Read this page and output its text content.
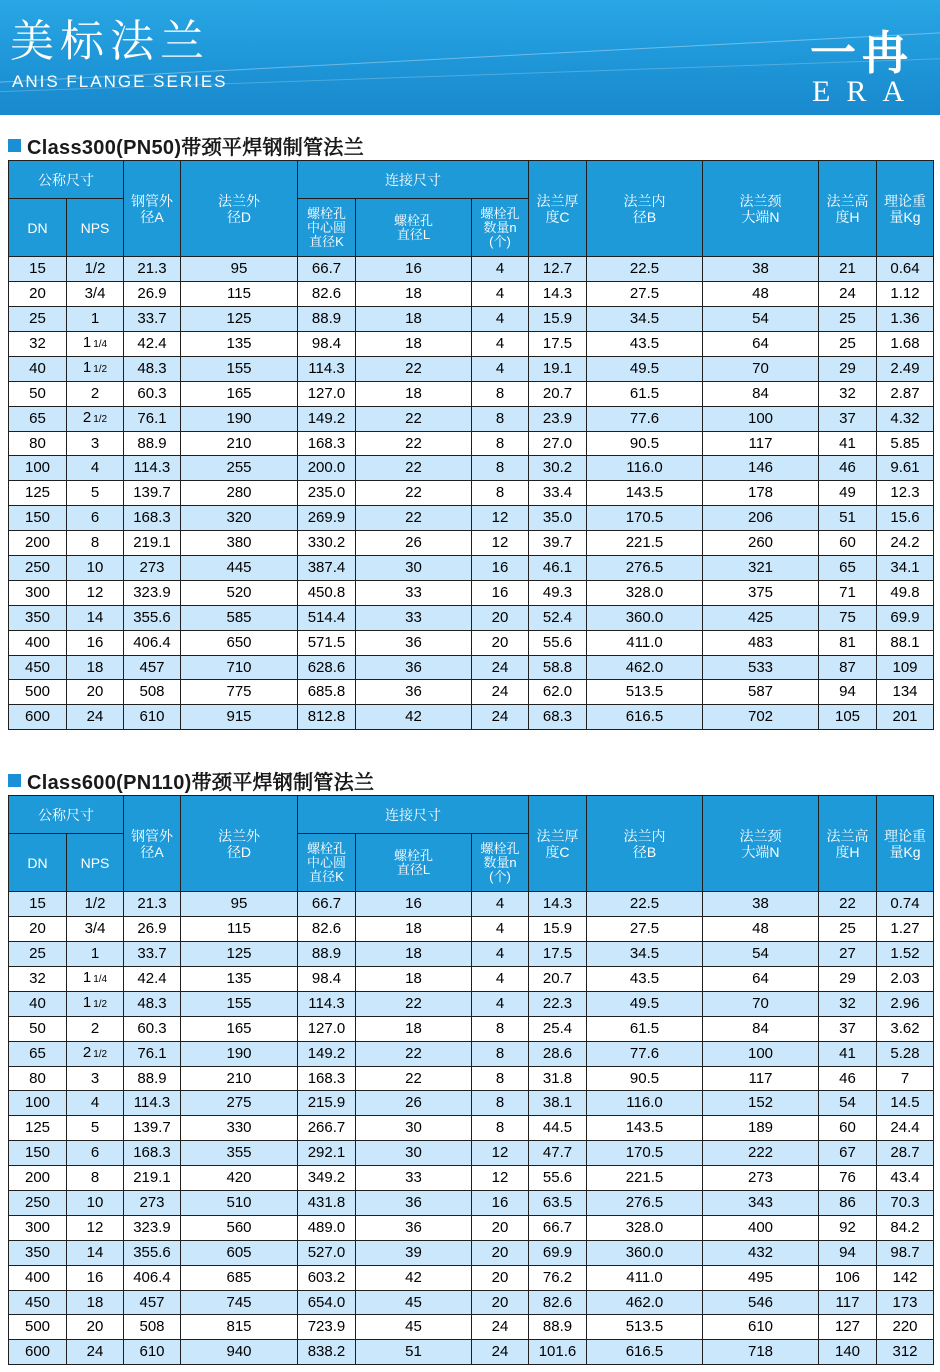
美标法兰
ANIS FLANGE SERIES
一冉
ERA
Class300(PN50)带颈平焊钢制管法兰
公称尺寸		钢管外径A	法兰外径D	连接尺寸			法兰厚度C	法兰内径B	法兰颈大端N	法兰高度H	理论重量Kg
DN	NPS			螺栓孔中心圆直径K	螺栓孔直径L	螺栓孔数量n(个)					
15	1/2	21.3	95	66.7	16	4	12.7	22.5	38	21	0.64
20	3/4	26.9	115	82.6	18	4	14.3	27.5	48	24	1.12
25	1	33.7	125	88.9	18	4	15.9	34.5	54	25	1.36
32	1 1/4	42.4	135	98.4	18	4	17.5	43.5	64	25	1.68
40	1 1/2	48.3	155	114.3	22	4	19.1	49.5	70	29	2.49
50	2	60.3	165	127.0	18	8	20.7	61.5	84	32	2.87
65	2 1/2	76.1	190	149.2	22	8	23.9	77.6	100	37	4.32
80	3	88.9	210	168.3	22	8	27.0	90.5	117	41	5.85
100	4	114.3	255	200.0	22	8	30.2	116.0	146	46	9.61
125	5	139.7	280	235.0	22	8	33.4	143.5	178	49	12.3
150	6	168.3	320	269.9	22	12	35.0	170.5	206	51	15.6
200	8	219.1	380	330.2	26	12	39.7	221.5	260	60	24.2
250	10	273	445	387.4	30	16	46.1	276.5	321	65	34.1
300	12	323.9	520	450.8	33	16	49.3	328.0	375	71	49.8
350	14	355.6	585	514.4	33	20	52.4	360.0	425	75	69.9
400	16	406.4	650	571.5	36	20	55.6	411.0	483	81	88.1
450	18	457	710	628.6	36	24	58.8	462.0	533	87	109
500	20	508	775	685.8	36	24	62.0	513.5	587	94	134
600	24	610	915	812.8	42	24	68.3	616.5	702	105	201
Class600(PN110)带颈平焊钢制管法兰
公称尺寸		钢管外径A	法兰外径D	连接尺寸			法兰厚度C	法兰内径B	法兰颈大端N	法兰高度H	理论重量Kg
DN	NPS			螺栓孔中心圆直径K	螺栓孔直径L	螺栓孔数量n(个)					
15	1/2	21.3	95	66.7	16	4	14.3	22.5	38	22	0.74
20	3/4	26.9	115	82.6	18	4	15.9	27.5	48	25	1.27
25	1	33.7	125	88.9	18	4	17.5	34.5	54	27	1.52
32	1 1/4	42.4	135	98.4	18	4	20.7	43.5	64	29	2.03
40	1 1/2	48.3	155	114.3	22	4	22.3	49.5	70	32	2.96
50	2	60.3	165	127.0	18	8	25.4	61.5	84	37	3.62
65	2 1/2	76.1	190	149.2	22	8	28.6	77.6	100	41	5.28
80	3	88.9	210	168.3	22	8	31.8	90.5	117	46	7
100	4	114.3	275	215.9	26	8	38.1	116.0	152	54	14.5
125	5	139.7	330	266.7	30	8	44.5	143.5	189	60	24.4
150	6	168.3	355	292.1	30	12	47.7	170.5	222	67	28.7
200	8	219.1	420	349.2	33	12	55.6	221.5	273	76	43.4
250	10	273	510	431.8	36	16	63.5	276.5	343	86	70.3
300	12	323.9	560	489.0	36	20	66.7	328.0	400	92	84.2
350	14	355.6	605	527.0	39	20	69.9	360.0	432	94	98.7
400	16	406.4	685	603.2	42	20	76.2	411.0	495	106	142
450	18	457	745	654.0	45	20	82.6	462.0	546	117	173
500	20	508	815	723.9	45	24	88.9	513.5	610	127	220
600	24	610	940	838.2	51	24	101.6	616.5	718	140	312
